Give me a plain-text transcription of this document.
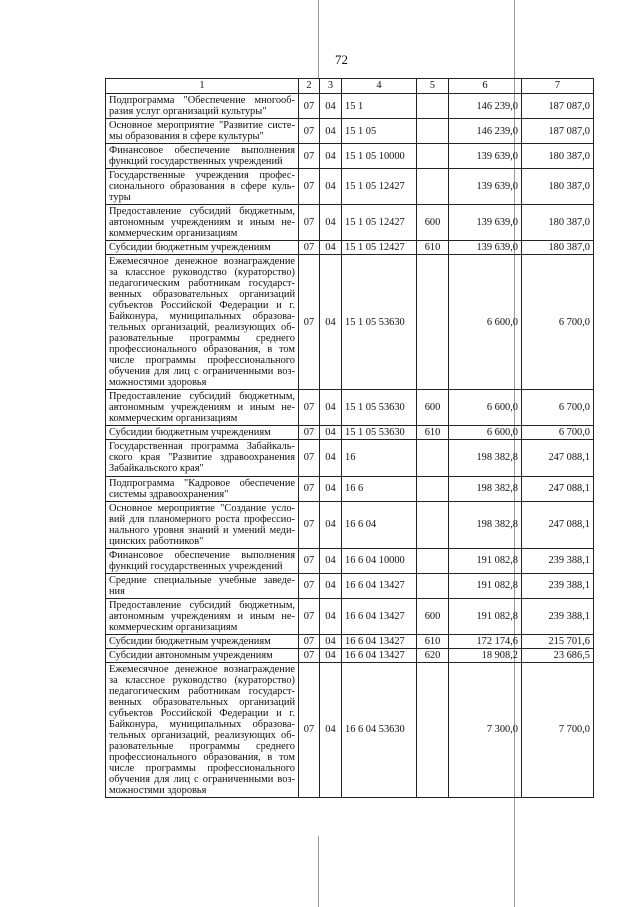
72
1	2	3	4	5	6	7
Подпрограмма "Обеспечение многооб-разия услуг организаций культуры"	07	04	15 1		146 239,0	187 087,0
Основное мероприятие "Развитие систе-мы образования в сфере культуры"	07	04	15 1 05		146 239,0	187 087,0
Финансовое обеспечение выполнения функций государственных учреждений	07	04	15 1 05 10000		139 639,0	180 387,0
Государственные учреждения профес-сионального образования в сфере куль-туры	07	04	15 1 05 12427		139 639,0	180 387,0
Предоставление субсидий бюджетным, автономным учреждениям и иным не-коммерческим организациям	07	04	15 1 05 12427	600	139 639,0	180 387,0
Субсидии бюджетным учреждениям	07	04	15 1 05 12427	610	139 639,0	180 387,0
Ежемесячное денежное вознаграждение за классное руководство (кураторство) педагогическим работникам государст-венных образовательных организаций субъектов Российской Федерации и г. Байконура, муниципальных образова-тельных организаций, реализующих об-разовательные программы среднего профессионального образования, в том числе программы профессионального обучения для лиц с ограниченными воз-можностями здоровья	07	04	15 1 05 53630		6 600,0	6 700,0
Предоставление субсидий бюджетным, автономным учреждениям и иным не-коммерческим организациям	07	04	15 1 05 53630	600	6 600,0	6 700,0
Субсидии бюджетным учреждениям	07	04	15 1 05 53630	610	6 600,0	6 700,0
Государственная программа Забайкаль-ского края "Развитие здравоохранения Забайкальского края"	07	04	16		198 382,8	247 088,1
Подпрограмма "Кадровое обеспечение системы здравоохранения"	07	04	16 6		198 382,8	247 088,1
Основное мероприятие "Создание усло-вий для планомерного роста профессио-нального уровня знаний и умений меди-цинских работников"	07	04	16 6 04		198 382,8	247 088,1
Финансовое обеспечение выполнения функций государственных учреждений	07	04	16 6 04 10000		191 082,8	239 388,1
Средние специальные учебные заведе-ния	07	04	16 6 04 13427		191 082,8	239 388,1
Предоставление субсидий бюджетным, автономным учреждениям и иным не-коммерческим организациям	07	04	16 6 04 13427	600	191 082,8	239 388,1
Субсидии бюджетным учреждениям	07	04	16 6 04 13427	610	172 174,6	215 701,6
Субсидии автономным учреждениям	07	04	16 6 04 13427	620	18 908,2	23 686,5
Ежемесячное денежное вознаграждение за классное руководство (кураторство) педагогическим работникам государст-венных образовательных организаций субъектов Российской Федерации и г. Байконура, муниципальных образова-тельных организаций, реализующих об-разовательные программы среднего профессионального образования, в том числе программы профессионального обучения для лиц с ограниченными воз-можностями здоровья	07	04	16 6 04 53630		7 300,0	7 700,0
